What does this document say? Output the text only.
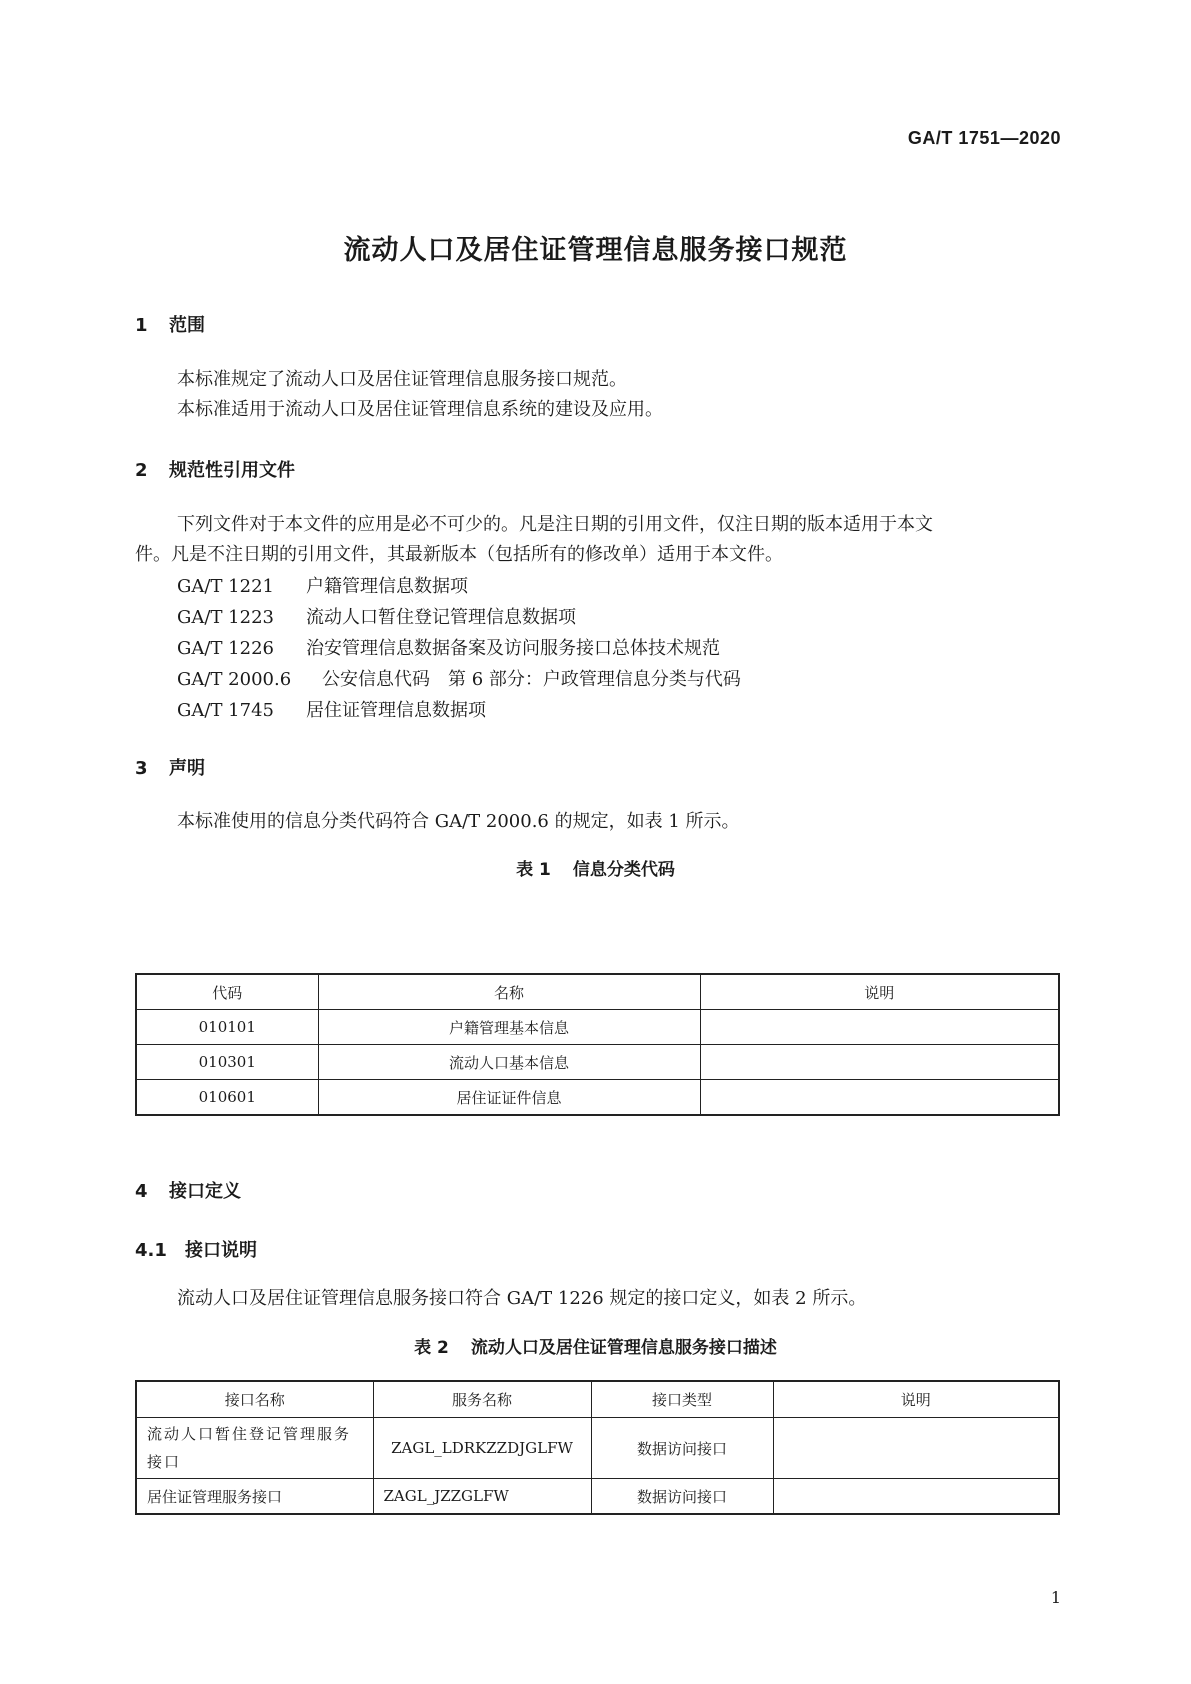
GA/T 1751—2020
流动人口及居住证管理信息服务接口规范
1 范围
本标准规定了流动人口及居住证管理信息服务接口规范。
本标准适用于流动人口及居住证管理信息系统的建设及应用。
2 规范性引用文件
下列文件对于本文件的应用是必不可少的。凡是注日期的引用文件，仅注日期的版本适用于本文
件。凡是不注日期的引用文件，其最新版本（包括所有的修改单）适用于本文件。
GA/T 1221 户籍管理信息数据项
GA/T 1223 流动人口暂住登记管理信息数据项
GA/T 1226 治安管理信息数据备案及访问服务接口总体技术规范
GA/T 2000.6 公安信息代码　第 6 部分：户政管理信息分类与代码
GA/T 1745 居住证管理信息数据项
3 声明
本标准使用的信息分类代码符合 GA/T 2000.6 的规定，如表 1 所示。
表 1 信息分类代码
代码	名称	说明
010101	户籍管理基本信息	
010301	流动人口基本信息	
010601	居住证证件信息	
4 接口定义
4.1 接口说明
流动人口及居住证管理信息服务接口符合 GA/T 1226 规定的接口定义，如表 2 所示。
表 2 流动人口及居住证管理信息服务接口描述
接口名称	服务名称	接口类型	说明
流动人口暂住登记管理服务接口	ZAGL_LDRKZZDJGLFW	数据访问接口	
居住证管理服务接口	ZAGL_JZZGLFW	数据访问接口	
1
